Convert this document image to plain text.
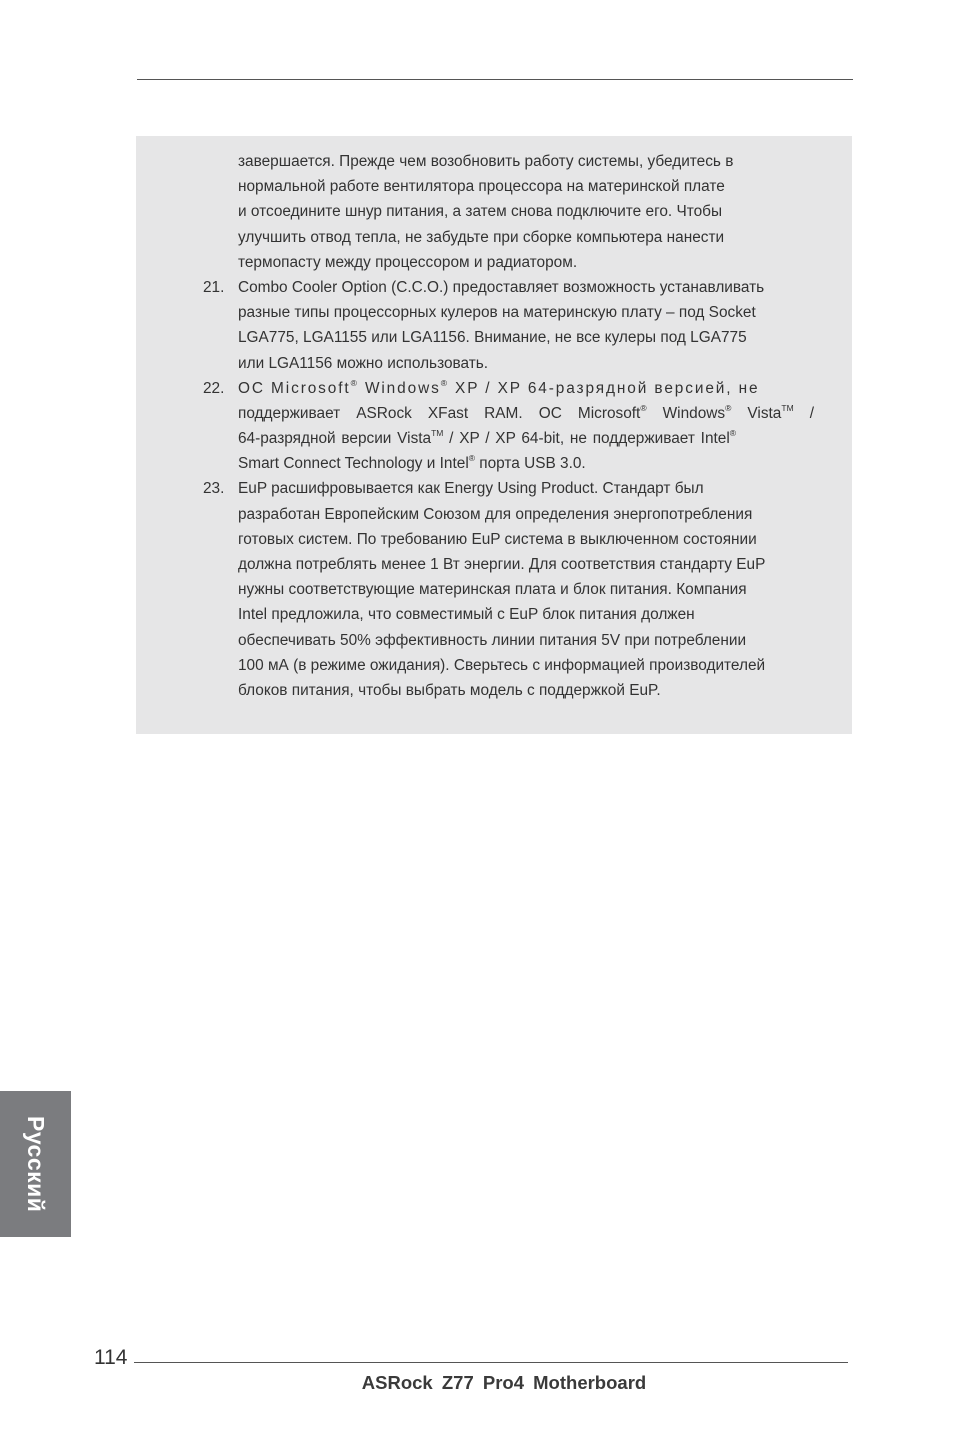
завершается. Прежде чем возобновить работу системы, убедитесь в
нормальной работе вентилятора процессора на материнской плате
и отсоедините шнур питания, а затем снова подключите его. Чтобы
улучшить отвод тепла, не забудьте при сборке компьютера нанести
термопасту между процессором и радиатором.
21. Combo Cooler Option (C.C.O.) предоставляет возможность устанавливать
разные типы процессорных кулеров на материнскую плату – под Socket
LGA775, LGA1155 или LGA1156. Внимание, не все кулеры под LGA775
или LGA1156 можно использовать.
22. ОС Microsoft® Windows® XP / XP 64-разрядной версией, не
поддерживает ASRock XFast RAM. ОС Microsoft® Windows® Vista™ /
64-разрядной версии Vista™ / XP / XP 64-bit, не поддерживает Intel®
Smart Connect Technology и Intel® порта USB 3.0.
23. EuP расшифровывается как Energy Using Product. Стандарт был
разработан Европейским Союзом для определения энергопотребления
готовых систем. По требованию EuP система в выключенном состоянии
должна потреблять менее 1 Вт энергии. Для соответствия стандарту EuP
нужны соответствующие материнская плата и блок питания. Компания
Intel предложила, что совместимый с EuP блок питания должен
обеспечивать 50% эффективность линии питания 5V при потреблении
100 мА (в режиме ожидания). Сверьтесь с информацией производителей
блоков питания, чтобы выбрать модель с поддержкой EuP.
Русский
114
ASRock Z77 Pro4 Motherboard
